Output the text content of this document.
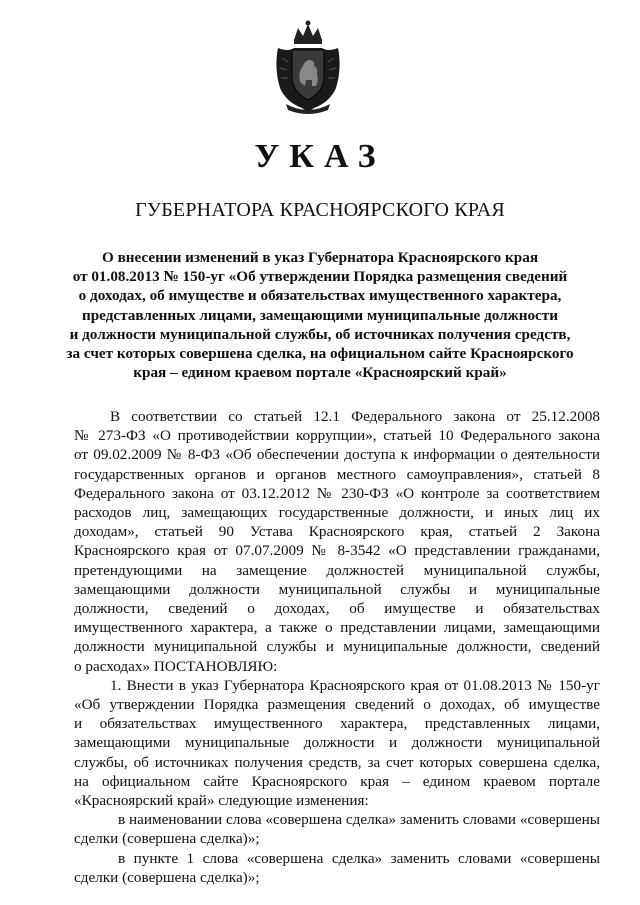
УКАЗ
ГУБЕРНАТОРА КРАСНОЯРСКОГО КРАЯ
О внесении изменений в указ Губернатора Красноярского края
от 01.08.2013 № 150-уг «Об утверждении Порядка размещения сведений
о доходах, об имуществе и обязательствах имущественного характера,
представленных лицами, замещающими муниципальные должности
и должности муниципальной службы, об источниках получения средств,
за счет которых совершена сделка, на официальном сайте Красноярского
края – едином краевом портале «Красноярский край»
В соответствии со статьей 12.1 Федерального закона от 25.12.2008
№ 273-ФЗ «О противодействии коррупции», статьей 10 Федерального закона
от 09.02.2009 № 8-ФЗ «Об обеспечении доступа к информации о деятельности
государственных органов и органов местного самоуправления», статьей 8
Федерального закона от 03.12.2012 № 230-ФЗ «О контроле за соответствием
расходов лиц, замещающих государственные должности, и иных лиц их
доходам», статьей 90 Устава Красноярского края, статьей 2 Закона
Красноярского края от 07.07.2009 № 8-3542 «О представлении гражданами,
претендующими на замещение должностей муниципальной службы,
замещающими должности муниципальной службы и муниципальные
должности, сведений о доходах, об имуществе и обязательствах
имущественного характера, а также о представлении лицами, замещающими
должности муниципальной службы и муниципальные должности, сведений
о расходах» ПОСТАНОВЛЯЮ:
1. Внести в указ Губернатора Красноярского края от 01.08.2013 № 150-уг
«Об утверждении Порядка размещения сведений о доходах, об имуществе
и обязательствах имущественного характера, представленных лицами,
замещающими муниципальные должности и должности муниципальной
службы, об источниках получения средств, за счет которых совершена сделка,
на официальном сайте Красноярского края – едином краевом портале
«Красноярский край» следующие изменения:
в наименовании слова «совершена сделка» заменить словами «совершены
сделки (совершена сделка)»;
в пункте 1 слова «совершена сделка» заменить словами «совершены
сделки (совершена сделка)»;
